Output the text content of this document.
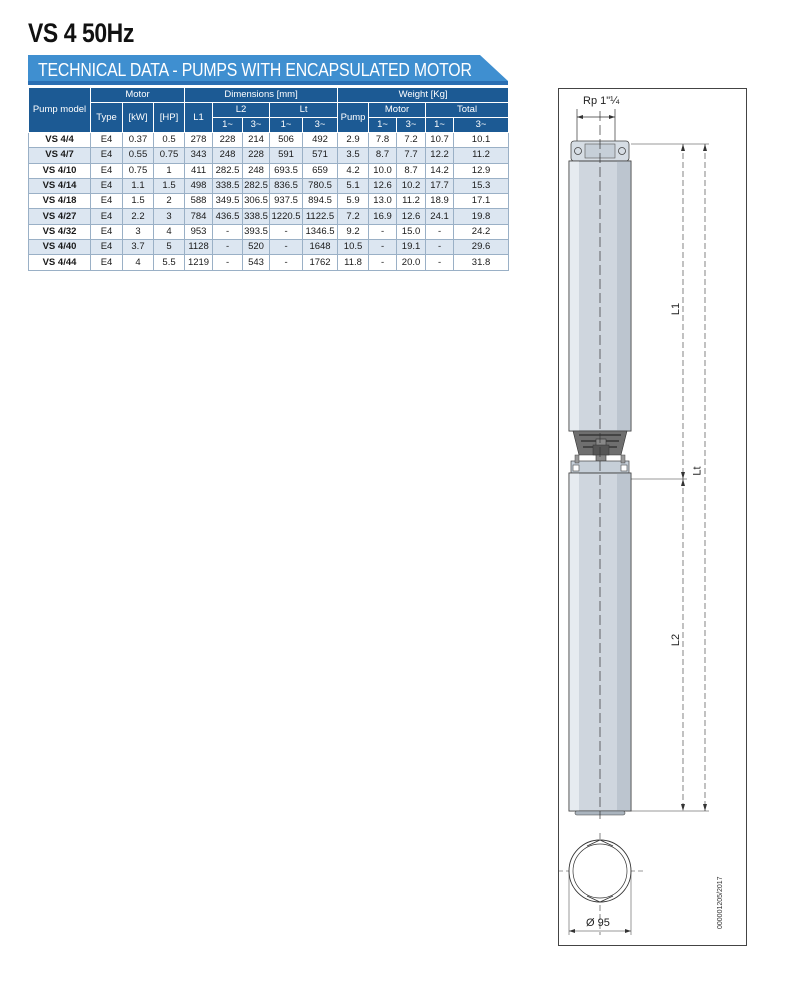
VS 4 50Hz
TECHNICAL DATA - PUMPS WITH ENCAPSULATED MOTOR
Pump model	Motor			Dimensions [mm]					Weight [Kg]				
	Type	[kW]	[HP]	L1	L2		Lt		Pump	Motor		Total	
					1~	3~	1~	3~		1~	3~	1~	3~
VS 4/4	E4	0.37	0.5	278	228	214	506	492	2.9	7.8	7.2	10.7	10.1
VS 4/7	E4	0.55	0.75	343	248	228	591	571	3.5	8.7	7.7	12.2	11.2
VS 4/10	E4	0.75	1	411	282.5	248	693.5	659	4.2	10.0	8.7	14.2	12.9
VS 4/14	E4	1.1	1.5	498	338.5	282.5	836.5	780.5	5.1	12.6	10.2	17.7	15.3
VS 4/18	E4	1.5	2	588	349.5	306.5	937.5	894.5	5.9	13.0	11.2	18.9	17.1
VS 4/27	E4	2.2	3	784	436.5	338.5	1220.5	1122.5	7.2	16.9	12.6	24.1	19.8
VS 4/32	E4	3	4	953	-	393.5	-	1346.5	9.2	-	15.0	-	24.2
VS 4/40	E4	3.7	5	1128	-	520	-	1648	10.5	-	19.1	-	29.6
VS 4/44	E4	4	5.5	1219	-	543	-	1762	11.8	-	20.0	-	31.8
Rp 1"¼
L1
Lt
L2
Ø 95	000001205/2017
